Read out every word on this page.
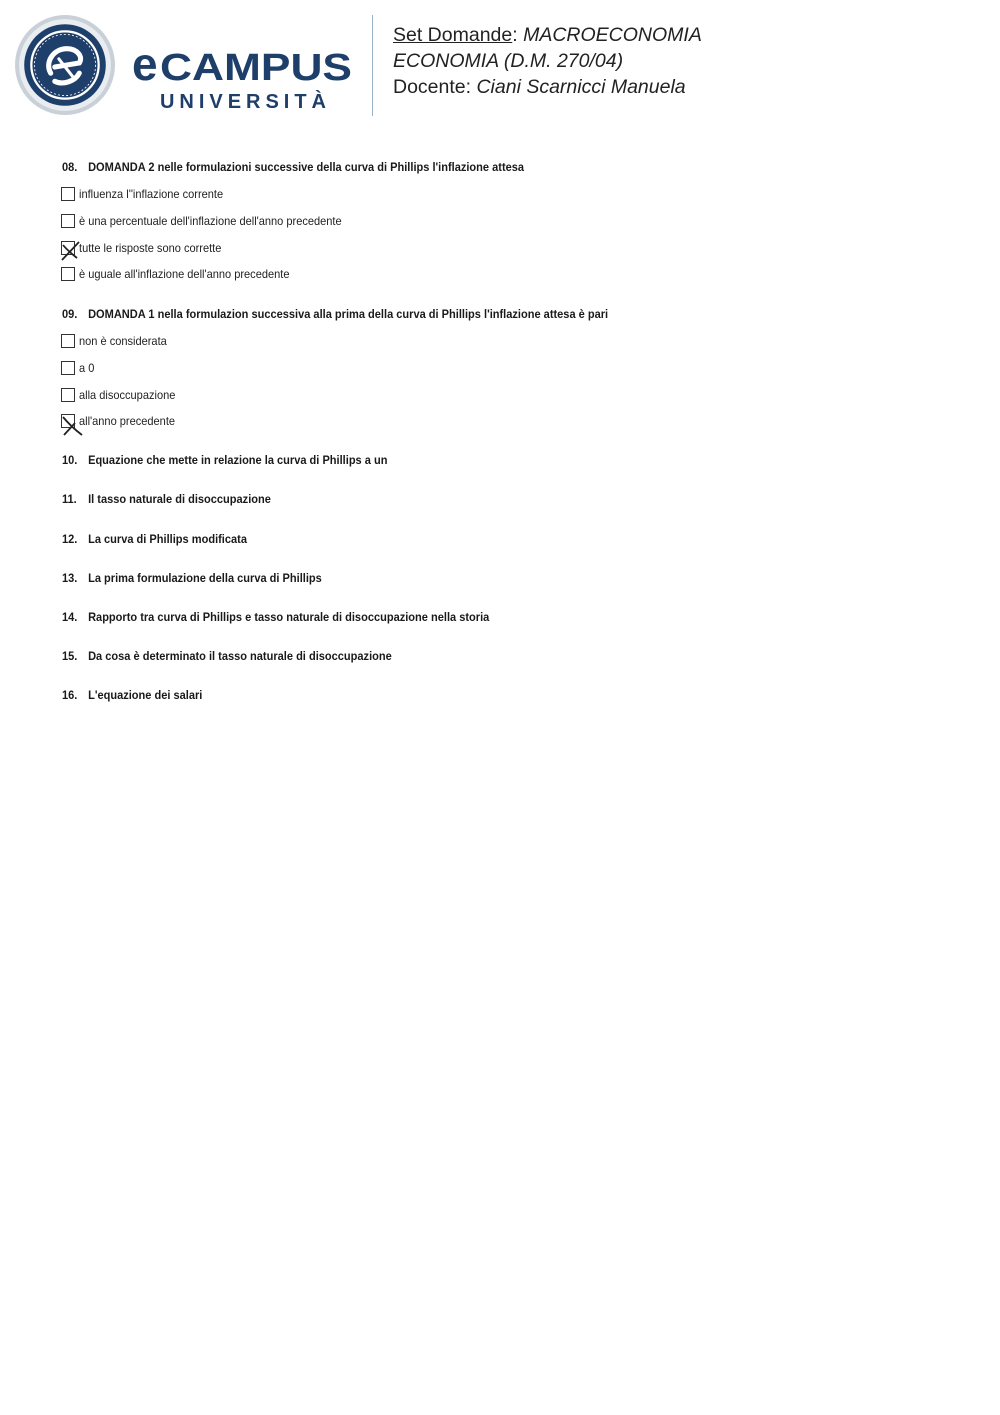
e CAMPUS
UNIVERSITÀ
Set Domande: MACROECONOMIA
ECONOMIA (D.M. 270/04)
Docente: Ciani Scarnicci Manuela
08. DOMANDA 2 nelle formulazioni successive della curva di Phillips l'inflazione attesa
influenza l''inflazione corrente
è una percentuale dell'inflazione dell'anno precedente
tutte le risposte sono corrette
è uguale all'inflazione dell'anno precedente
09. DOMANDA 1 nella formulazion successiva alla prima della curva di Phillips l'inflazione attesa è pari
non è considerata
a 0
alla disoccupazione
all'anno precedente
10. Equazione che mette in relazione la curva di Phillips a un
11. Il tasso naturale di disoccupazione
12. La curva di Phillips modificata
13. La prima formulazione della curva di Phillips
14. Rapporto tra curva di Phillips e tasso naturale di disoccupazione nella storia
15. Da cosa è determinato il tasso naturale di disoccupazione
16. L'equazione dei salari
